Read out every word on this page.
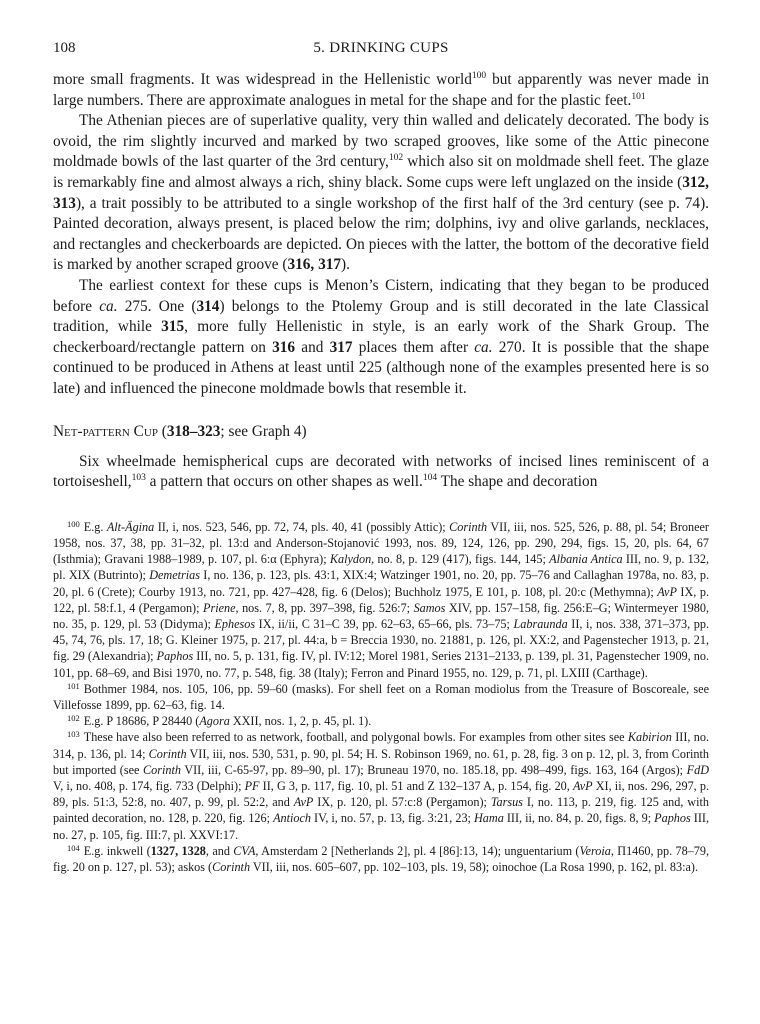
108	5. DRINKING CUPS

more small fragments. It was widespread in the Hellenistic world$^{100}$ but apparently was never made in large numbers. There are approximate analogues in metal for the shape and for the plastic feet.$^{101}$

The Athenian pieces are of superlative quality, very thin walled and delicately decorated. The body is ovoid, the rim slightly incurved and marked by two scraped grooves, like some of the Attic pinecone moldmade bowls of the last quarter of the 3rd century,$^{102}$ which also sit on moldmade shell feet. The glaze is remarkably fine and almost always a rich, shiny black. Some cups were left unglazed on the inside (312, 313), a trait possibly to be attributed to a single workshop of the first half of the 3rd century (see p. 74). Painted decoration, always present, is placed below the rim; dolphins, ivy and olive garlands, necklaces, and rectangles and checkerboards are depicted. On pieces with the latter, the bottom of the decorative field is marked by another scraped groove (316, 317).

The earliest context for these cups is Menon’s Cistern, indicating that they began to be produced before ca. 275. One (314) belongs to the Ptolemy Group and is still decorated in the late Classical tradition, while 315, more fully Hellenistic in style, is an early work of the Shark Group. The checkerboard/rectangle pattern on 316 and 317 places them after ca. 270. It is possible that the shape continued to be produced in Athens at least until 225 (although none of the examples presented here is so late) and influenced the pinecone moldmade bowls that resemble it.

Net-pattern Cup (318–323; see Graph 4)

Six wheelmade hemispherical cups are decorated with networks of incised lines reminiscent of a tortoiseshell,$^{103}$ a pattern that occurs on other shapes as well.$^{104}$ The shape and decoration

$^{100}$ E.g. Alt-Ägina II, i, nos. 523, 546, pp. 72, 74, pls. 40, 41 (possibly Attic); Corinth VII, iii, nos. 525, 526, p. 88, pl. 54; Broneer 1958, nos. 37, 38, pp. 31–32, pl. 13:d and Anderson-Stojanović 1993, nos. 89, 124, 126, pp. 290, 294, figs. 15, 20, pls. 64, 67 (Isthmia); Gravani 1988–1989, p. 107, pl. 6:α (Ephyra); Kalydon, no. 8, p. 129 (417), figs. 144, 145; Albania Antica III, no. 9, p. 132, pl. XIX (Butrinto); Demetrias I, no. 136, p. 123, pls. 43:1, XIX:4; Watzinger 1901, no. 20, pp. 75–76 and Callaghan 1978a, no. 83, p. 20, pl. 6 (Crete); Courby 1913, no. 721, pp. 427–428, fig. 6 (Delos); Buchholz 1975, E 101, p. 108, pl. 20:c (Methymna); AvP IX, p. 122, pl. 58:f.1, 4 (Pergamon); Priene, nos. 7, 8, pp. 397–398, fig. 526:7; Samos XIV, pp. 157–158, fig. 256:E–G; Wintermeyer 1980, no. 35, p. 129, pl. 53 (Didyma); Ephesos IX, ii/ii, C 31–C 39, pp. 62–63, 65–66, pls. 73–75; Labraunda II, i, nos. 338, 371–373, pp. 45, 74, 76, pls. 17, 18; G. Kleiner 1975, p. 217, pl. 44:a, b = Breccia 1930, no. 21881, p. 126, pl. XX:2, and Pagenstecher 1913, p. 21, fig. 29 (Alexandria); Paphos III, no. 5, p. 131, fig. IV, pl. IV:12; Morel 1981, Series 2131–2133, p. 139, pl. 31, Pagenstecher 1909, no. 101, pp. 68–69, and Bisi 1970, no. 77, p. 548, fig. 38 (Italy); Ferron and Pinard 1955, no. 129, p. 71, pl. LXIII (Carthage).

$^{101}$ Bothmer 1984, nos. 105, 106, pp. 59–60 (masks). For shell feet on a Roman modiolus from the Treasure of Boscoreale, see Villefosse 1899, pp. 62–63, fig. 14.

$^{102}$ E.g. P 18686, P 28440 (Agora XXII, nos. 1, 2, p. 45, pl. 1).

$^{103}$ These have also been referred to as network, football, and polygonal bowls. For examples from other sites see Kabirion III, no. 314, p. 136, pl. 14; Corinth VII, iii, nos. 530, 531, p. 90, pl. 54; H. S. Robinson 1969, no. 61, p. 28, fig. 3 on p. 12, pl. 3, from Corinth but imported (see Corinth VII, iii, C-65-97, pp. 89–90, pl. 17); Bruneau 1970, no. 185.18, pp. 498–499, figs. 163, 164 (Argos); FdD V, i, no. 408, p. 174, fig. 733 (Delphi); PF II, G 3, p. 117, fig. 10, pl. 51 and Z 132–137 A, p. 154, fig. 20, AvP XI, ii, nos. 296, 297, p. 89, pls. 51:3, 52:8, no. 407, p. 99, pl. 52:2, and AvP IX, p. 120, pl. 57:c:8 (Pergamon); Tarsus I, no. 113, p. 219, fig. 125 and, with painted decoration, no. 128, p. 220, fig. 126; Antioch IV, i, no. 57, p. 13, fig. 3:21, 23; Hama III, ii, no. 84, p. 20, figs. 8, 9; Paphos III, no. 27, p. 105, fig. III:7, pl. XXVI:17.

$^{104}$ E.g. inkwell (1327, 1328, and CVA, Amsterdam 2 [Netherlands 2], pl. 4 [86]:13, 14); unguentarium (Veroia, Π1460, pp. 78–79, fig. 20 on p. 127, pl. 53); askos (Corinth VII, iii, nos. 605–607, pp. 102–103, pls. 19, 58); oinochoe (La Rosa 1990, p. 162, pl. 83:a).
